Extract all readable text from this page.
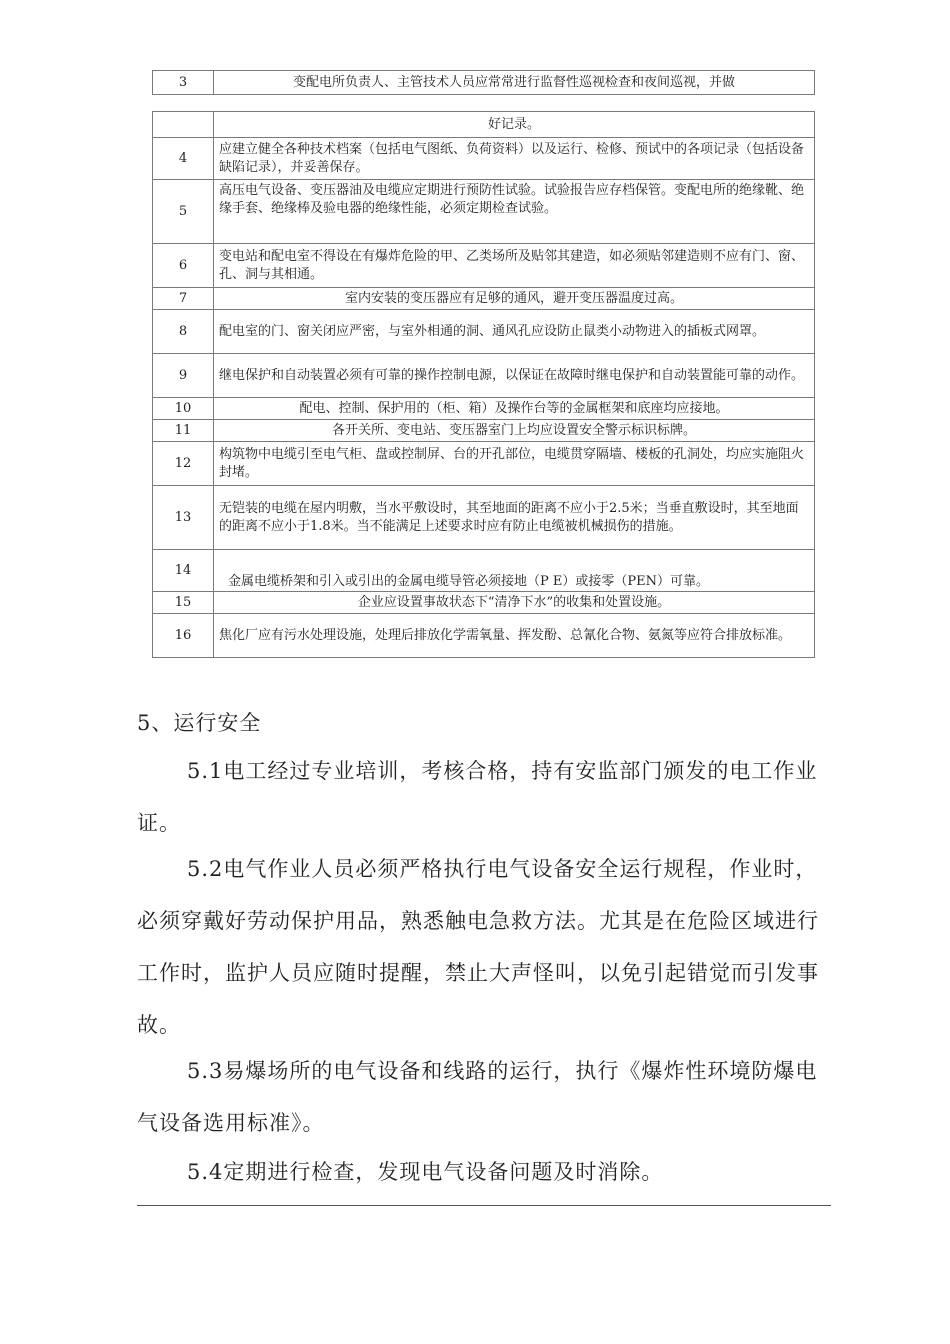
3	变配电所负责人、主管技术人员应常常进行监督性巡视检查和夜间巡视，并做
	好记录。
4	应建立健全各种技术档案（包括电气图纸、负荷资料）以及运行、检修、预试中的各项记录（包括设备缺陷记录），并妥善保存。
5	高压电气设备、变压器油及电缆应定期进行预防性试验。试验报告应存档保管。变配电所的绝缘靴、绝缘手套、绝缘棒及验电器的绝缘性能，必须定期检查试验。
6	变电站和配电室不得设在有爆炸危险的甲、乙类场所及贴邻其建造，如必须贴邻建造则不应有门、窗、孔、洞与其相通。
7	室内安装的变压器应有足够的通风，避开变压器温度过高。
8	配电室的门、窗关闭应严密，与室外相通的洞、通风孔应设防止鼠类小动物进入的插板式网罩。
9	继电保护和自动装置必须有可靠的操作控制电源，以保证在故障时继电保护和自动装置能可靠的动作。
10	配电、控制、保护用的（柜、箱）及操作台等的金属框架和底座均应接地。
11	各开关所、变电站、变压器室门上均应设置安全警示标识标牌。
12	构筑物中电缆引至电气柜、盘或控制屏、台的开孔部位，电缆贯穿隔墙、楼板的孔洞处，均应实施阻火封堵。
13	无铠装的电缆在屋内明敷，当水平敷设时，其至地面的距离不应小于2.5米；当垂直敷设时，其至地面的距离不应小于1.8米。当不能满足上述要求时应有防止电缆被机械损伤的措施。
14	金属电缆桥架和引入或引出的金属电缆导管必须接地（P E）或接零（PEN）可靠。
15	企业应设置事故状态下“清净下水”的收集和处置设施。
16	焦化厂应有污水处理设施，处理后排放化学需氧量、挥发酚、总氰化合物、氨氮等应符合排放标准。

5、运行安全

5.1电工经过专业培训，考核合格，持有安监部门颁发的电工作业证。

5.2电气作业人员必须严格执行电气设备安全运行规程，作业时，必须穿戴好劳动保护用品，熟悉触电急救方法。尤其是在危险区域进行工作时，监护人员应随时提醒，禁止大声怪叫，以免引起错觉而引发事故。

5.3易爆场所的电气设备和线路的运行，执行《爆炸性环境防爆电气设备选用标准》。

5.4定期进行检查，发现电气设备问题及时消除。
